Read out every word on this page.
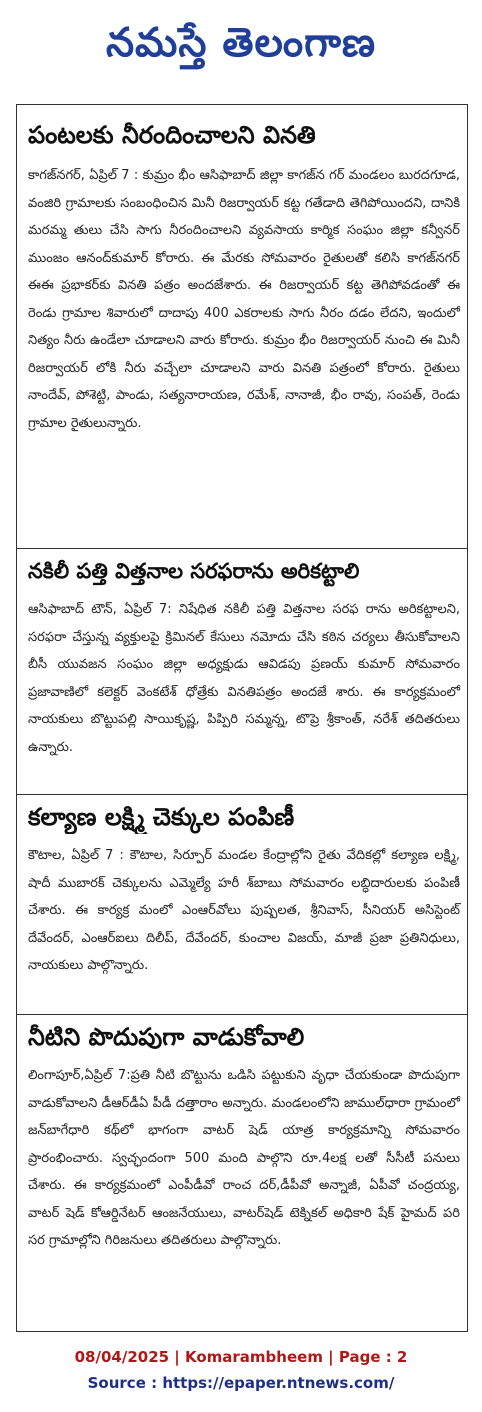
నమస్తే తెలంగాణ
పంటలకు నీరందించాలని వినతి
కాగజ్‌నగర్, ఏప్రిల్ 7 : కుమ్రం భీం ఆసిఫాబాద్ జిల్లా కాగజ్‌న గర్ మండలం బురదగూడ, వంజిరి గ్రామాలకు సంబంధించిన మినీ రిజర్వాయర్ కట్ట గతేడాది తెగిపోయిందని, దానికి మరమ్మ తులు చేసి సాగు నీరందించాలని వ్యవసాయ కార్మిక సంఘం జిల్లా కన్వీనర్ ముంజం ఆనంద్‌కుమార్ కోరారు. ఈ మేరకు సోమవారం రైతులతో కలిసి కాగజ్‌నగర్ ఈఈ ప్రభాకర్‌కు వినతి పత్రం అందజేశారు. ఈ రిజర్వాయర్ కట్ట తెగిపోవడంతో ఈ రెండు గ్రామాల శివారులో దాదాపు 400 ఎకరాలకు సాగు నీరం దడం లేదని, ఇందులో నిత్యం నీరు ఉండేలా చూడాలని వారు కోరారు. కుమ్రం భీం రిజర్వాయర్ నుంచి ఈ మినీ రిజర్వాయర్ లోకి నీరు వచ్చేలా చూడాలని వారు వినతి పత్రంలో కోరారు. రైతులు నాందేవ్, పోశెట్టి, పాండు, సత్యనారాయణ, రమేశ్, నానాజీ, భీం రావు, సంపత్, రెండు గ్రామాల రైతులున్నారు.
నకిలీ పత్తి విత్తనాల సరఫరాను అరికట్టాలి
ఆసిఫాబాద్ టౌన్, ఏప్రిల్ 7: నిషేధిత నకిలీ పత్తి విత్తనాల సరఫ రాను అరికట్టాలని, సరఫరా చేస్తున్న వ్యక్తులపై క్రిమినల్ కేసులు నమోదు చేసి కఠిన చర్యలు తీసుకోవాలని బీసీ యువజన సంఘం జిల్లా అధ్యక్షుడు ఆవిడపు ప్రణయ్ కుమార్ సోమవారం ప్రజావాణిలో కలెక్టర్ వెంకటేశ్ ధోత్రేకు వినతిపత్రం అందజే శారు. ఈ కార్యక్రమంలో నాయకులు బొట్టుపల్లి సాయికృష్ణ, పిప్పిరి సమ్మన్న, టొప్రె శ్రీకాంత్, నరేశ్ తదితరులు ఉన్నారు.
కల్యాణ లక్ష్మి చెక్కుల పంపిణీ
కౌటాల, ఏప్రిల్ 7 : కౌటాల, సిర్పూర్ మండల కేంద్రాల్లోని రైతు వేదికల్లో కల్యాణ లక్ష్మి, షాదీ ముబారక్ చెక్కులను ఎమ్మెల్యే హరీ శ్‌బాబు సోమవారం లబ్ధిదారులకు పంపిణీ చేశారు. ఈ కార్యక్ర మంలో ఎంఆర్‌వోలు పుష్పలత, శ్రీనివాస్, సీనియర్ అసిస్టెంట్ దేవేందర్, ఎంఆర్‌ఐలు దిలీప్, దేవేందర్, కుంచాల విజయ్, మాజీ ప్రజా ప్రతినిధులు, నాయకులు పాల్గొన్నారు.
నీటిని పొదుపుగా వాడుకోవాలి
లింగాపూర్,ఏప్రిల్ 7:ప్రతి నీటి బొట్టును ఒడిసి పట్టుకుని వృధా చేయకుండా పొదుపుగా వాడుకోవాలని డీఆర్‌డీఏ పీడీ దత్తారాం అన్నారు. మండలంలోని జాముల్‌ధారా గ్రామంలో జన్‌బాగేధారి కథ్‌లో భాగంగా వాటర్ షెడ్ యాత్ర కార్యక్రమాన్ని సోమవారం ప్రారంభించారు. స్వచ్ఛందంగా 500 మంది పాల్గొని రూ.4లక్ష లతో సీసీటీ పనులు చేశారు. ఈ కార్యక్రమంలో ఎంపీడీవో రాంచ దర్,డీపీవో అన్నాజీ, ఏపీవో చంద్రయ్య, వాటర్ షెడ్ కోఆర్డినేటర్ ఆంజనేయులు, వాటర్‌షెడ్ టెక్నికల్ అధికారి షేక్ హైమద్ పరి సర గ్రామాల్లోని గిరిజనులు తదితరులు పాల్గొన్నారు.
08/04/2025 | Komarambheem | Page : 2
Source : https://epaper.ntnews.com/
